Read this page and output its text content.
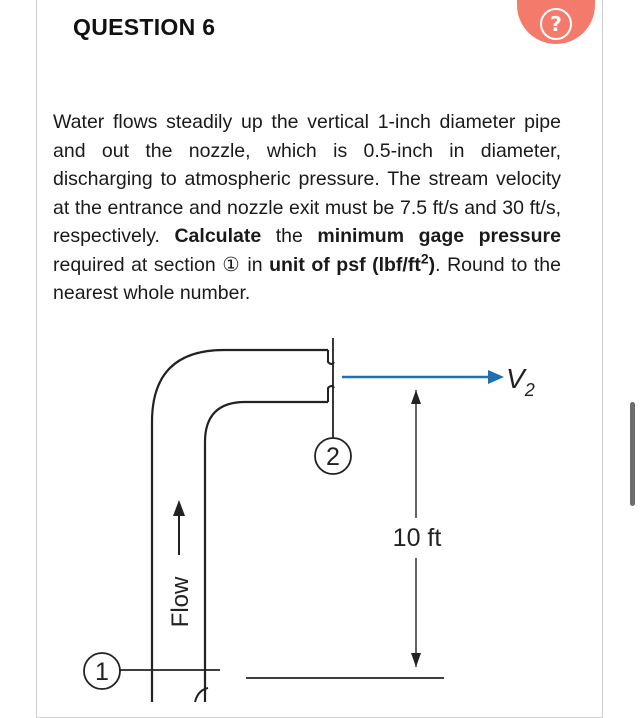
QUESTION 6	?
Water flows steadily up the vertical 1-inch diameter pipe and out the nozzle, which is 0.5-inch in diameter, discharging to atmospheric pressure. The stream velocity at the entrance and nozzle exit must be 7.5 ft/s and 30 ft/s, respectively. Calculate the minimum gage pressure required at section ① in unit of psf $(lbf/ft^2)$. Round to the nearest whole number.
$V_2$
2
10 ft
Flow
1
